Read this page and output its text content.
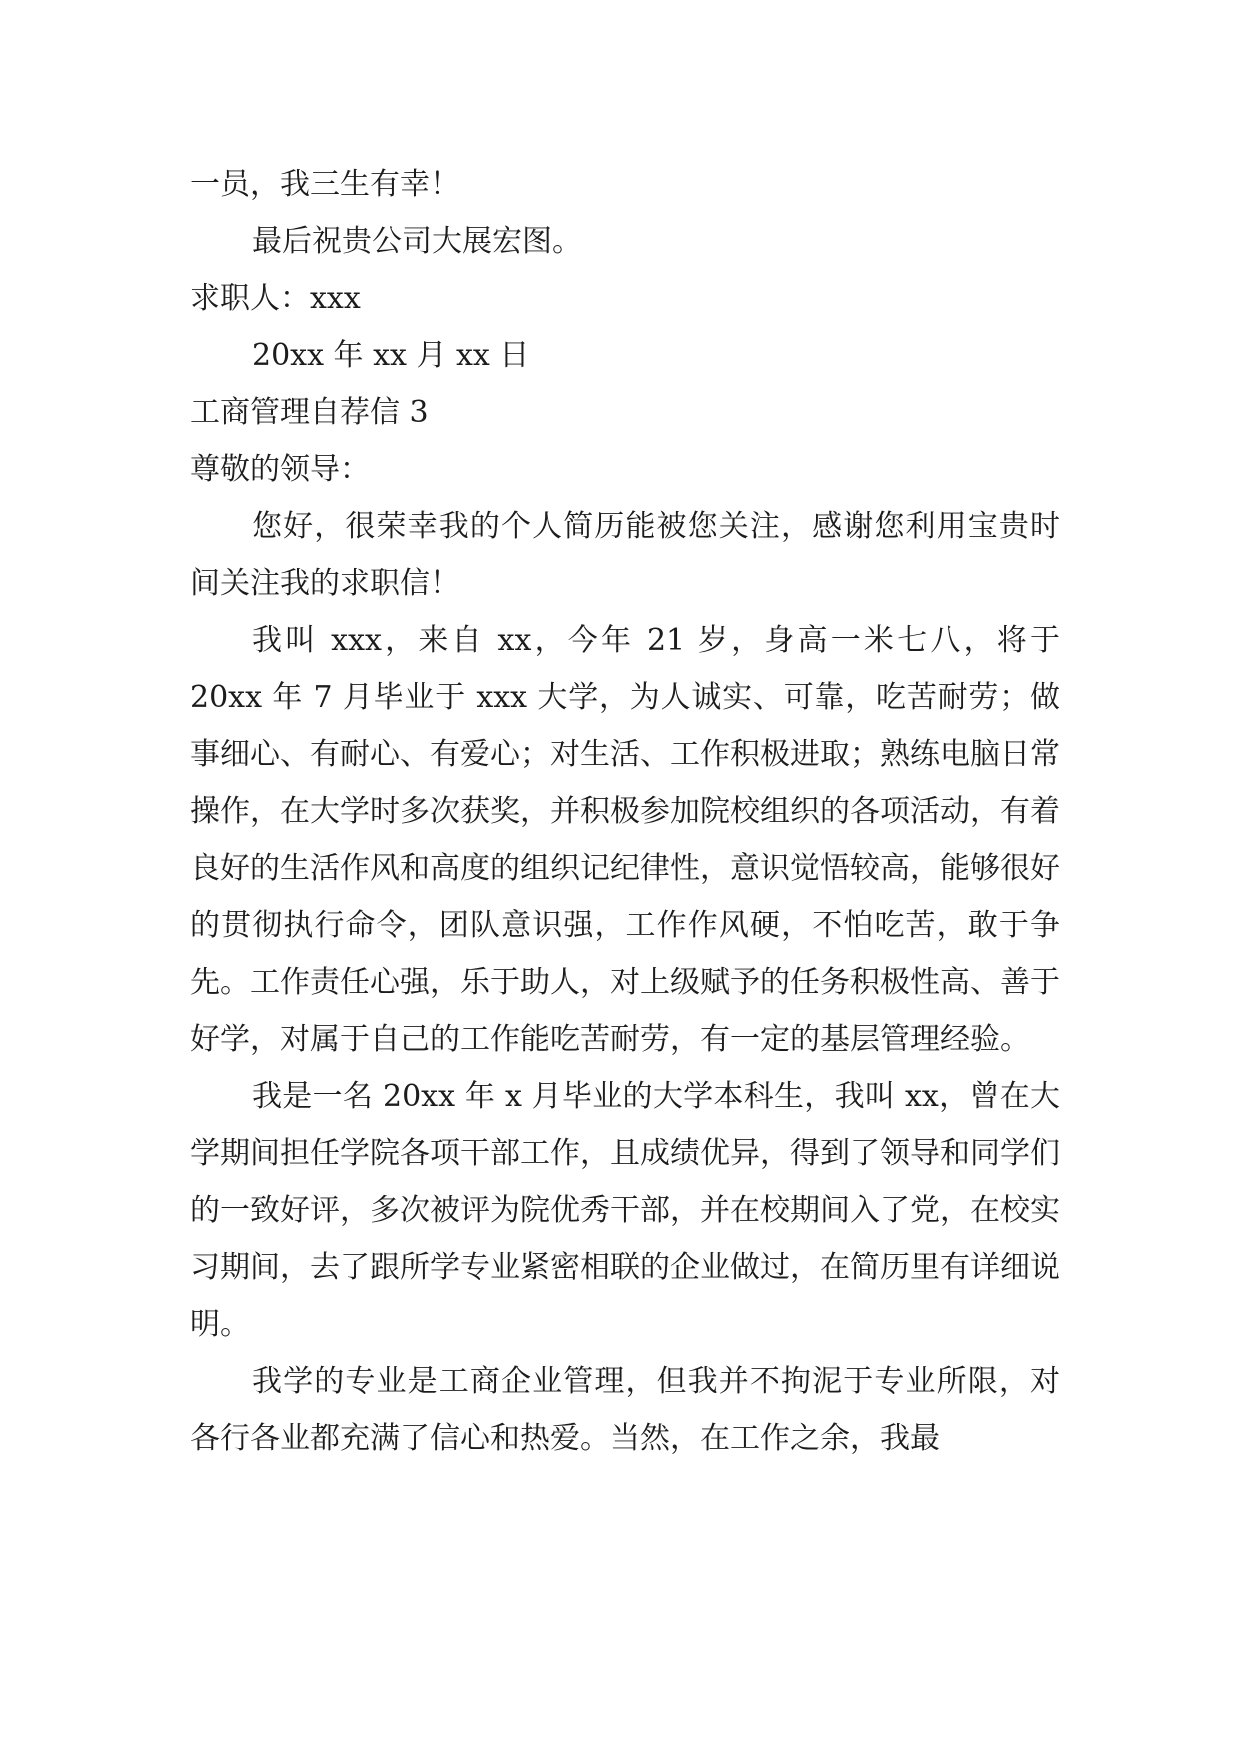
一员，我三生有幸！

最后祝贵公司大展宏图。

求职人：xxx

20xx 年 xx 月 xx 日

工商管理自荐信 3

尊敬的领导：

您好，很荣幸我的个人简历能被您关注，感谢您利用宝贵时间关注我的求职信！

我叫 xxx，来自 xx，今年 21 岁，身高一米七八，将于 20xx 年 7 月毕业于 xxx 大学，为人诚实、可靠，吃苦耐劳；做事细心、有耐心、有爱心；对生活、工作积极进取；熟练电脑日常操作，在大学时多次获奖，并积极参加院校组织的各项活动，有着良好的生活作风和高度的组织记纪律性，意识觉悟较高，能够很好的贯彻执行命令，团队意识强，工作作风硬，不怕吃苦，敢于争先。工作责任心强，乐于助人，对上级赋予的任务积极性高、善于好学，对属于自己的工作能吃苦耐劳，有一定的基层管理经验。

我是一名 20xx 年 x 月毕业的大学本科生，我叫 xx，曾在大学期间担任学院各项干部工作，且成绩优异，得到了领导和同学们的一致好评，多次被评为院优秀干部，并在校期间入了党，在校实习期间，去了跟所学专业紧密相联的企业做过，在简历里有详细说明。

我学的专业是工商企业管理，但我并不拘泥于专业所限，对各行各业都充满了信心和热爱。当然，在工作之余，我最
